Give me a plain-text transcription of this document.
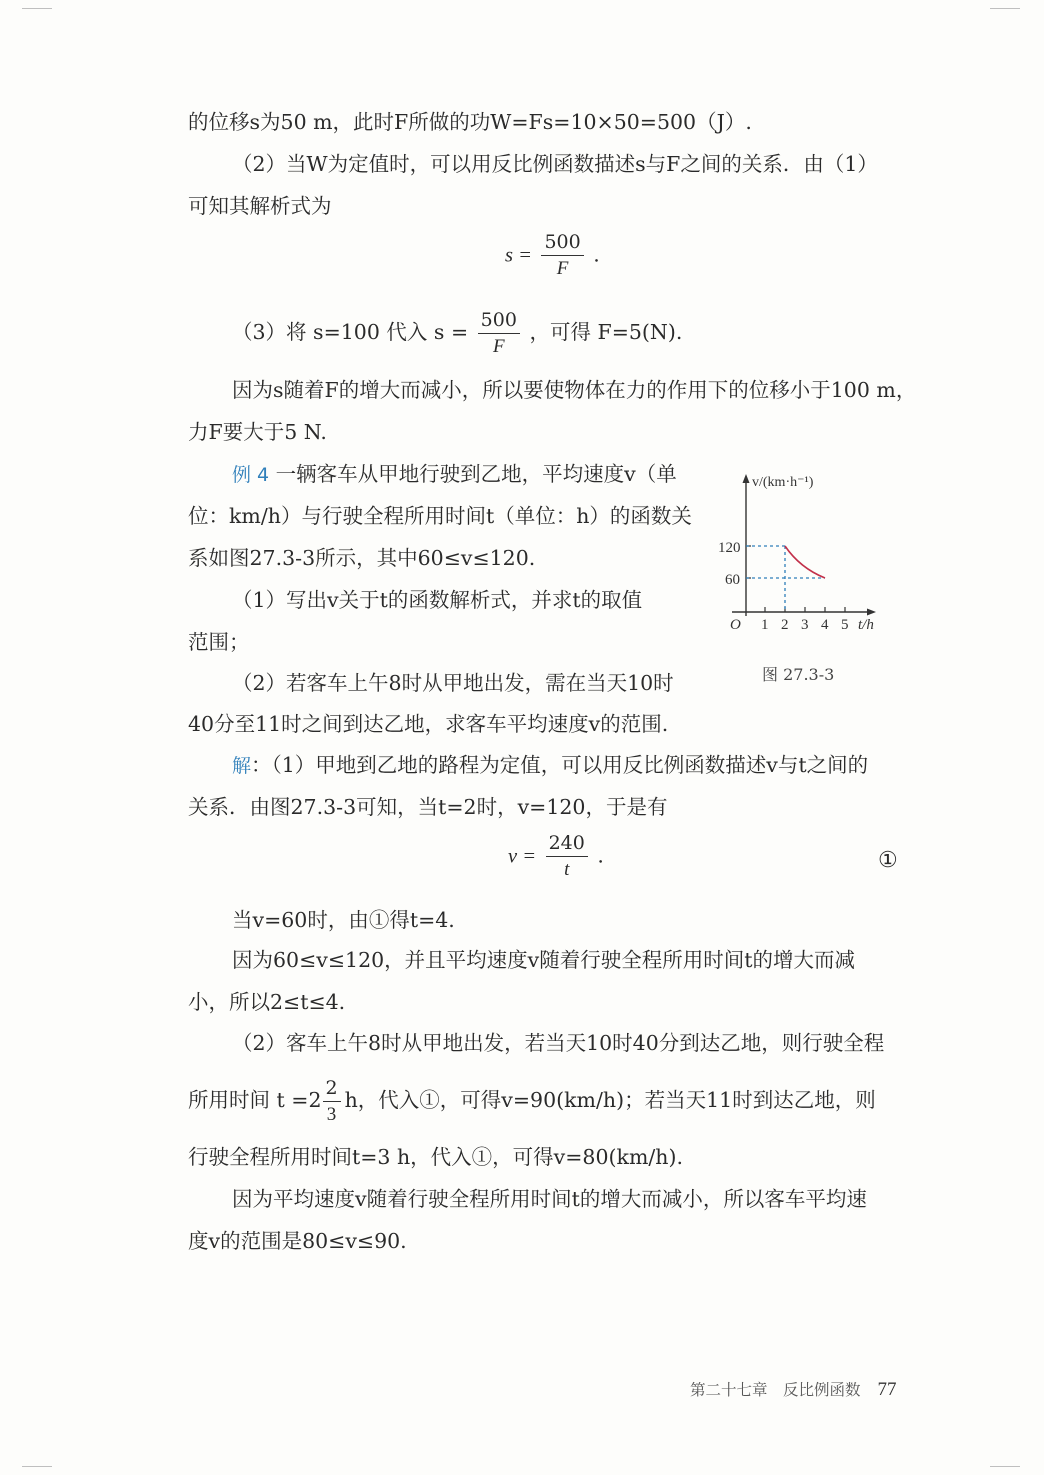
的位移s为50 m，此时F所做的功W=Fs=10×50=500（J）.
（2）当W为定值时，可以用反比例函数描述s与F之间的关系．由（1）
可知其解析式为
$s = \frac{500}{F}$ .
（3）将 s=100 代入 $s = \frac{500}{F}$ ，可得 F=5(N).
因为s随着F的增大而减小，所以要使物体在力的作用下的位移小于100 m，
力F要大于5 N.
例 4 一辆客车从甲地行驶到乙地，平均速度v（单
位：km/h）与行驶全程所用时间t（单位：h）的函数关
系如图27.3-3所示，其中60≤v≤120.
（1）写出v关于t的函数解析式，并求t的取值
范围；
（2）若客车上午8时从甲地出发，需在当天10时
40分至11时之间到达乙地，求客车平均速度v的范围.
v/(km·h⁻¹)
120
60
O 1 2 3 4 5 t/h
图 27.3-3
解：（1）甲地到乙地的路程为定值，可以用反比例函数描述v与t之间的
关系．由图27.3-3可知，当t=2时，v=120，于是有
$v = \frac{240}{t}$ .	①
当v=60时，由①得t=4.
因为60≤v≤120，并且平均速度v随着行驶全程所用时间t的增大而减
小，所以2≤t≤4.
（2）客车上午8时从甲地出发，若当天10时40分到达乙地，则行驶全程
所用时间 $t =2 \frac{2}{3}$ h，代入①，可得v=90(km/h)；若当天11时到达乙地，则
行驶全程所用时间t=3 h，代入①，可得v=80(km/h).
因为平均速度v随着行驶全程所用时间t的增大而减小，所以客车平均速
度v的范围是80≤v≤90.
第二十七章　反比例函数 77
